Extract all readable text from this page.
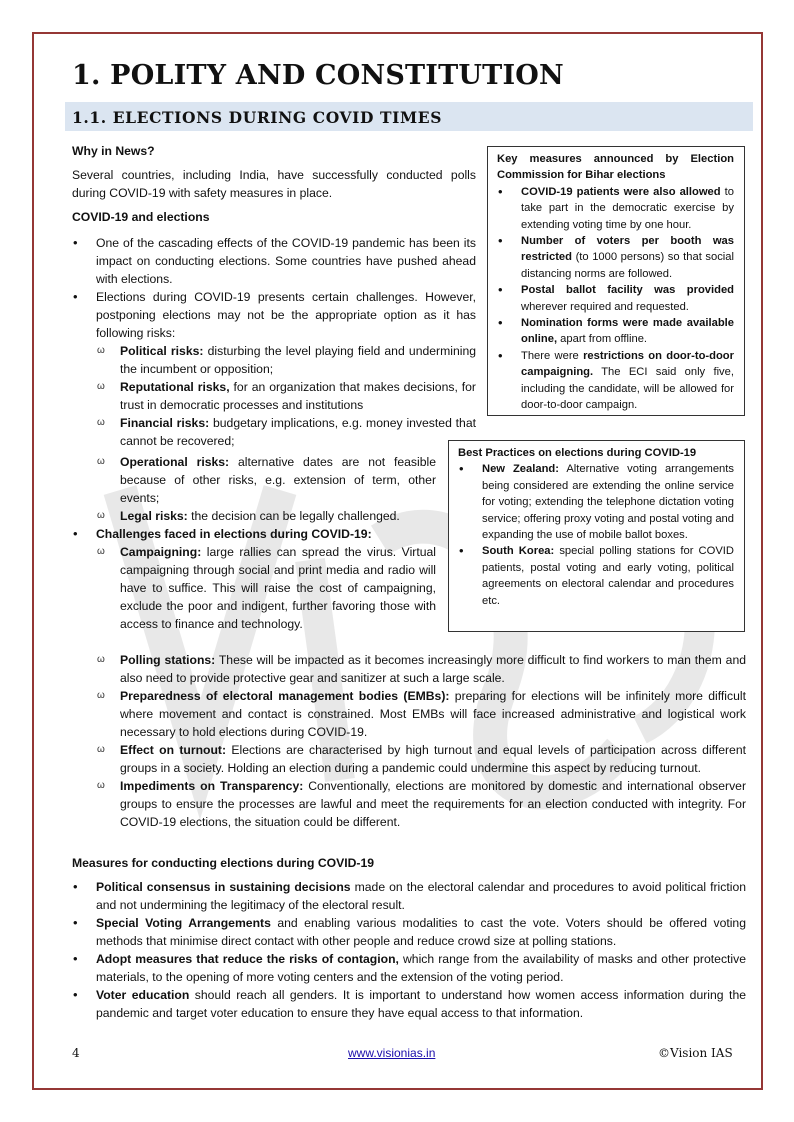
1. POLITY AND CONSTITUTION
1.1. ELECTIONS DURING COVID TIMES
Why in News?
Several countries, including India, have successfully conducted polls during COVID-19 with safety measures in place.
COVID-19 and elections
• One of the cascading effects of the COVID-19 pandemic has been its impact on conducting elections. Some countries have pushed ahead with elections.
• Elections during COVID-19 presents certain challenges. However, postponing elections may not be the appropriate option as it has following risks:
ω Political risks: disturbing the level playing field and undermining the incumbent or opposition;
ω Reputational risks, for an organization that makes decisions, for trust in democratic processes and institutions
ω Financial risks: budgetary implications, e.g. money invested that cannot be recovered;
ω Operational risks: alternative dates are not feasible because of other risks, e.g. extension of term, other events;
ω Legal risks: the decision can be legally challenged.
• Challenges faced in elections during COVID-19:
ω Campaigning: large rallies can spread the virus. Virtual campaigning through social and print media and radio will have to suffice. This will raise the cost of campaigning, exclude the poor and indigent, further favoring those with access to finance and technology.
ω Polling stations: These will be impacted as it becomes increasingly more difficult to find workers to man them and also need to provide protective gear and sanitizer at such a large scale.
ω Preparedness of electoral management bodies (EMBs): preparing for elections will be infinitely more difficult where movement and contact is constrained. Most EMBs will face increased administrative and logistical work necessary to hold elections during COVID-19.
ω Effect on turnout: Elections are characterised by high turnout and equal levels of participation across different groups in a society. Holding an election during a pandemic could undermine this aspect by reducing turnout.
ω Impediments on Transparency: Conventionally, elections are monitored by domestic and international observer groups to ensure the processes are lawful and meet the requirements for an election conducted with integrity. For COVID-19 elections, the situation could be different.
Key measures announced by Election Commission for Bihar elections
• COVID-19 patients were also allowed to take part in the democratic exercise by extending voting time by one hour.
• Number of voters per booth was restricted (to 1000 persons) so that social distancing norms are followed.
• Postal ballot facility was provided wherever required and requested.
• Nomination forms were made available online, apart from offline.
• There were restrictions on door-to-door campaigning. The ECI said only five, including the candidate, will be allowed for door-to-door campaign.
Best Practices on elections during COVID-19
• New Zealand: Alternative voting arrangements being considered are extending the online service for voting; extending the telephone dictation voting service; offering proxy voting and postal voting and expanding the use of mobile ballot boxes.
• South Korea: special polling stations for COVID patients, postal voting and early voting, political agreements on electoral calendar and procedures etc.
Measures for conducting elections during COVID-19
• Political consensus in sustaining decisions made on the electoral calendar and procedures to avoid political friction and not undermining the legitimacy of the electoral result.
• Special Voting Arrangements and enabling various modalities to cast the vote. Voters should be offered voting methods that minimise direct contact with other people and reduce crowd size at polling stations.
• Adopt measures that reduce the risks of contagion, which range from the availability of masks and other protective materials, to the opening of more voting centers and the extension of the voting period.
• Voter education should reach all genders. It is important to understand how women access information during the pandemic and target voter education to ensure they have equal access to that information.
4	www.visionias.in	©Vision IAS
